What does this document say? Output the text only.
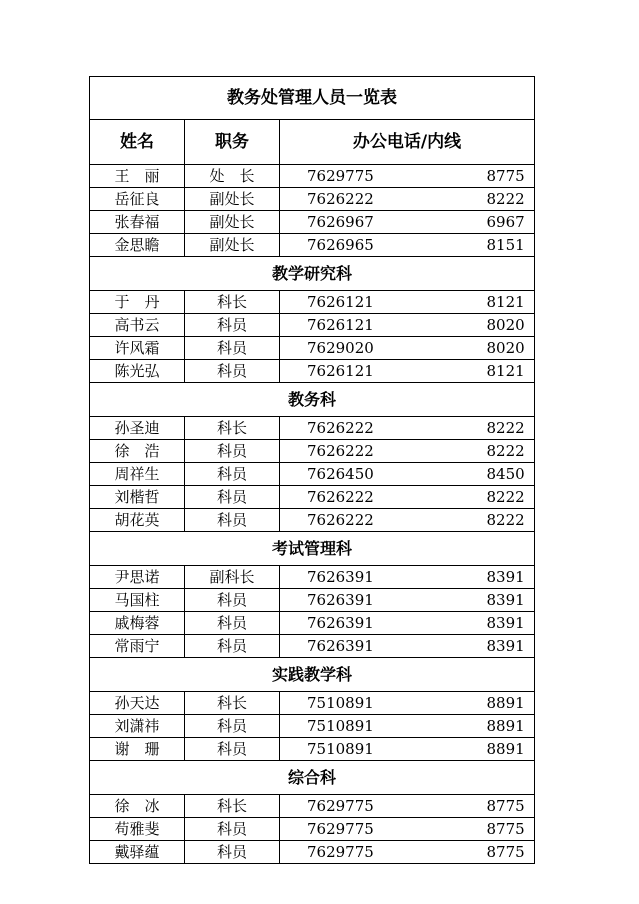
教务处管理人员一览表			
姓名	职务	办公电话/内线	
王　丽	处　长	7629775	8775
岳征良	副处长	7626222	8222
张春福	副处长	7626967	6967
金思瞻	副处长	7626965	8151
教学研究科			
于　丹	科长	7626121	8121
高书云	科员	7626121	8020
许风霜	科员	7629020	8020
陈光弘	科员	7626121	8121
教务科			
孙圣迪	科长	7626222	8222
徐　浩	科员	7626222	8222
周祥生	科员	7626450	8450
刘楷哲	科员	7626222	8222
胡花英	科员	7626222	8222
考试管理科			
尹思诺	副科长	7626391	8391
马国柱	科员	7626391	8391
戚梅蓉	科员	7626391	8391
常雨宁	科员	7626391	8391
实践教学科			
孙天达	科长	7510891	8891
刘潇祎	科员	7510891	8891
谢　珊	科员	7510891	8891
综合科			
徐　冰	科长	7629775	8775
苟雅斐	科员	7629775	8775
戴驿蕴	科员	7629775	8775
